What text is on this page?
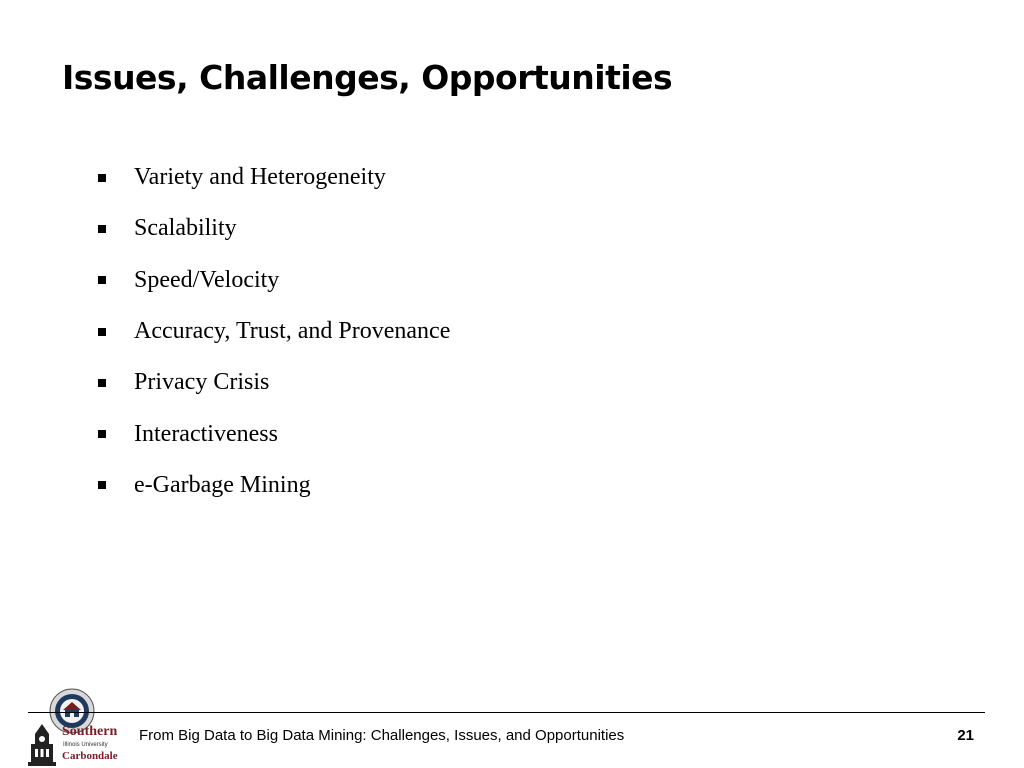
Issues, Challenges, Opportunities
Variety and Heterogeneity
Scalability
Speed/Velocity
Accuracy, Trust, and Provenance
Privacy Crisis
Interactiveness
e-Garbage Mining
Southern
Illinois University
Carbondale
From Big Data to Big Data Mining: Challenges, Issues, and Opportunities	21
